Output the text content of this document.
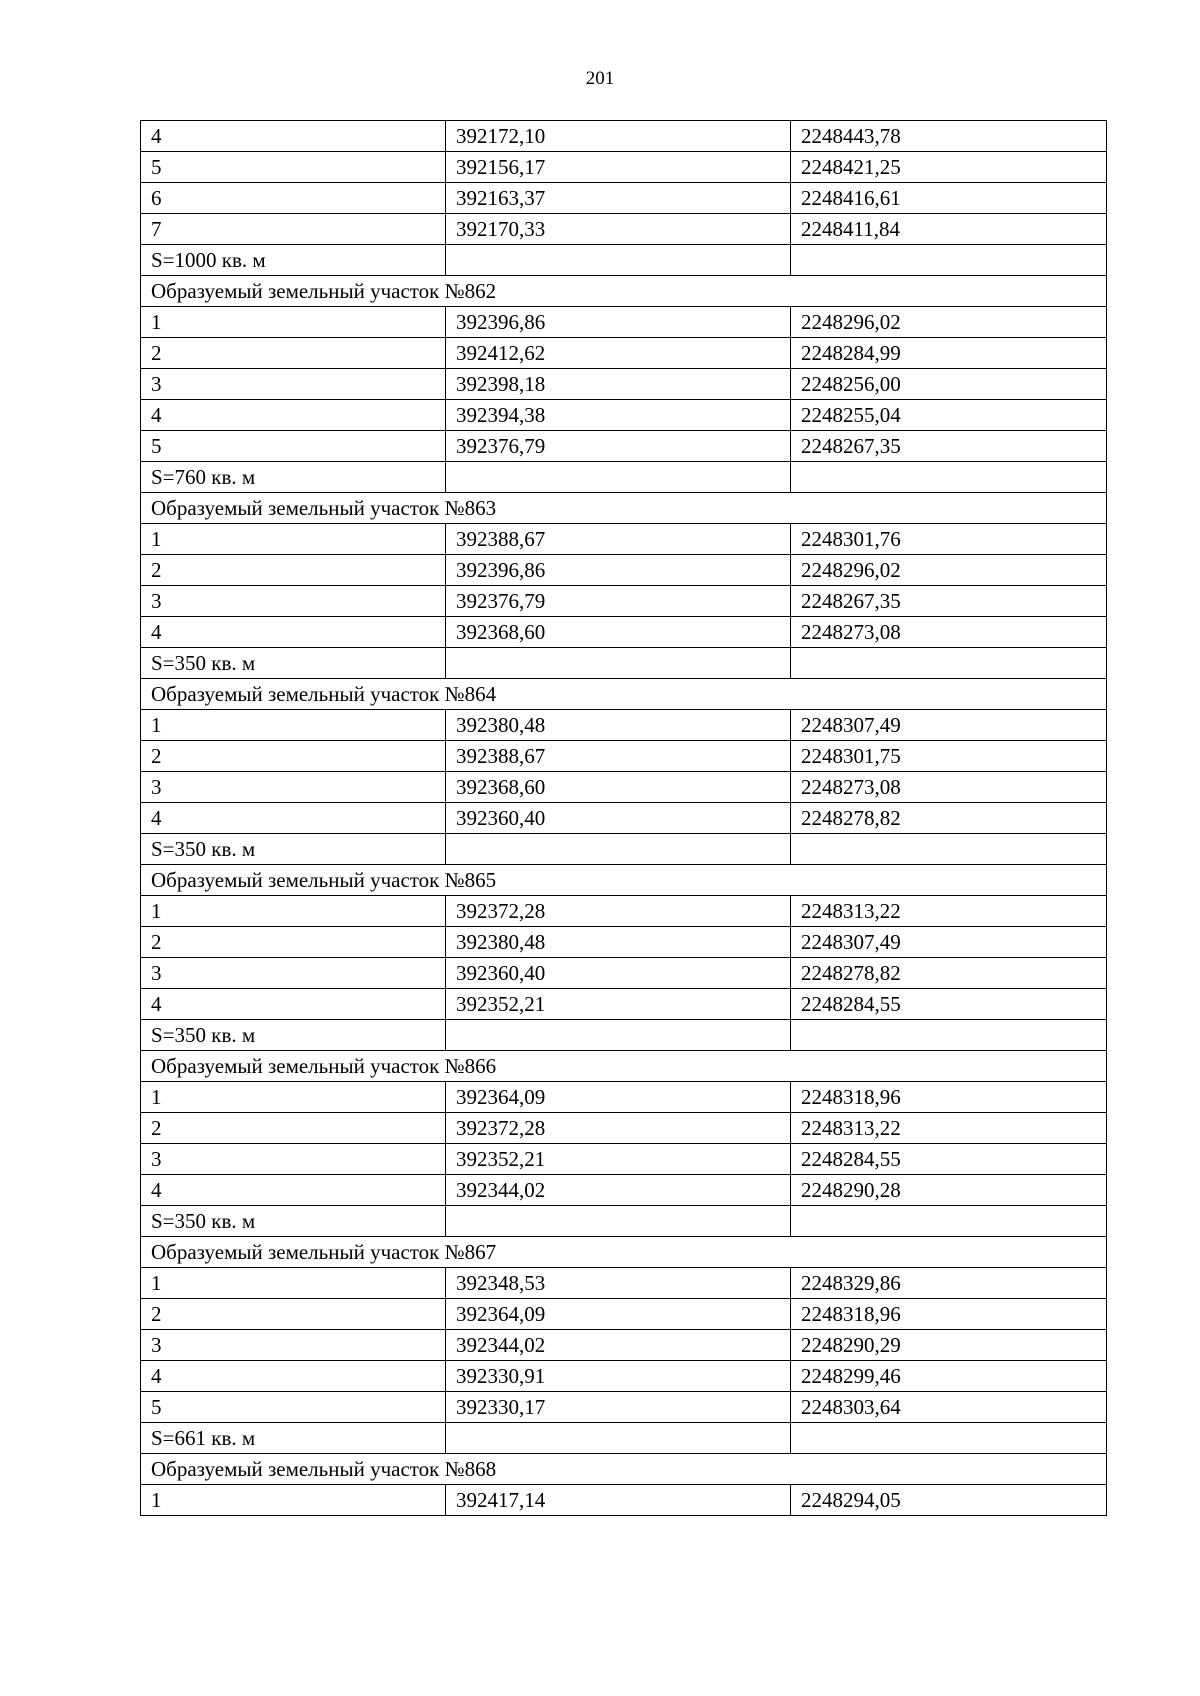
201
4	392172,10	2248443,78
5	392156,17	2248421,25
6	392163,37	2248416,61
7	392170,33	2248411,84
S=1000 кв. м		
Образуемый земельный участок №862		
1	392396,86	2248296,02
2	392412,62	2248284,99
3	392398,18	2248256,00
4	392394,38	2248255,04
5	392376,79	2248267,35
S=760 кв. м		
Образуемый земельный участок №863		
1	392388,67	2248301,76
2	392396,86	2248296,02
3	392376,79	2248267,35
4	392368,60	2248273,08
S=350 кв. м		
Образуемый земельный участок №864		
1	392380,48	2248307,49
2	392388,67	2248301,75
3	392368,60	2248273,08
4	392360,40	2248278,82
S=350 кв. м		
Образуемый земельный участок №865		
1	392372,28	2248313,22
2	392380,48	2248307,49
3	392360,40	2248278,82
4	392352,21	2248284,55
S=350 кв. м		
Образуемый земельный участок №866		
1	392364,09	2248318,96
2	392372,28	2248313,22
3	392352,21	2248284,55
4	392344,02	2248290,28
S=350 кв. м		
Образуемый земельный участок №867		
1	392348,53	2248329,86
2	392364,09	2248318,96
3	392344,02	2248290,29
4	392330,91	2248299,46
5	392330,17	2248303,64
S=661 кв. м		
Образуемый земельный участок №868		
1	392417,14	2248294,05
